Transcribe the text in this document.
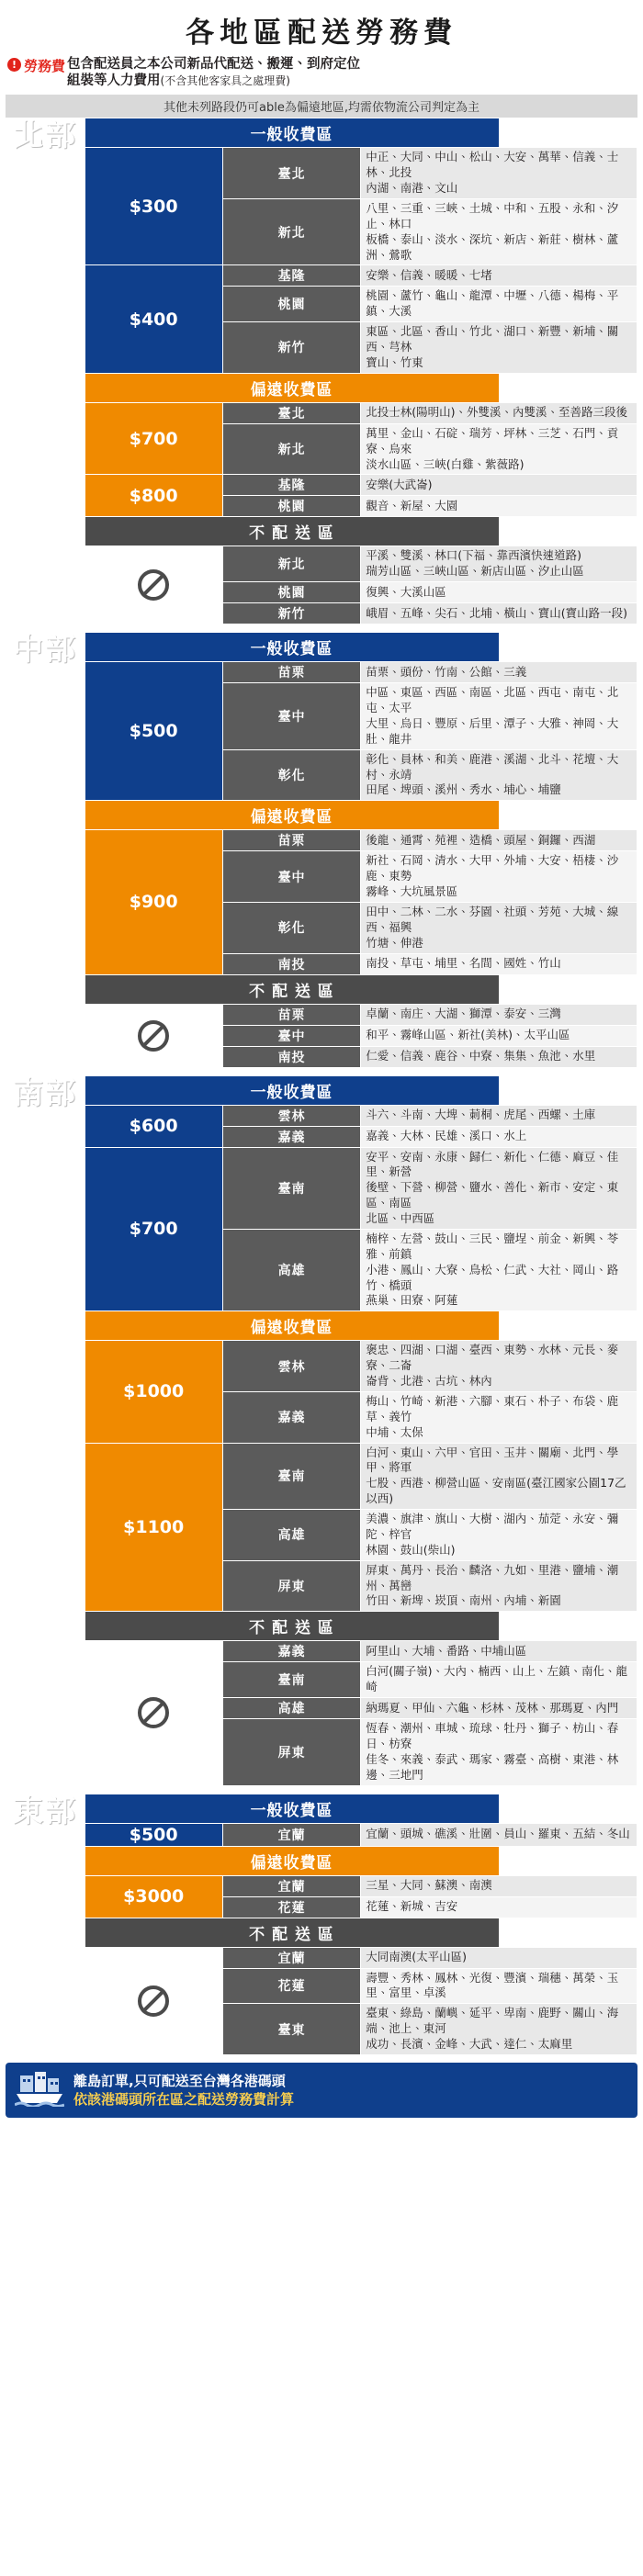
各地區配送勞務費
! 勞務費 包含配送員之本公司新品代配送、搬運、到府定位
組裝等人力費用(不含其他客家具之處理費)
其他未列路段仍可able為偏遠地區,均需依物流公司判定為主
北部
		一般收費區		
	$300	臺北	中正、大同、中山、松山、大安、萬華、信義、士林、北投
內湖、南港、文山

		新北	八里、三重、三峽、土城、中和、五股、永和、汐止、林口
板橋、泰山、淡水、深坑、新店、新莊、樹林、蘆洲、鶯歌

	$400	基隆	安樂、信義、暖暖、七堵

		桃園	桃園、蘆竹、龜山、龍潭、中壢、八德、楊梅、平鎮、大溪

		新竹	東區、北區、香山、竹北、湖口、新豐、新埔、關西、芎林
寶山、竹東

	偏遠收費區		
	$700	臺北	北投士林(陽明山)、外雙溪、內雙溪、至善路三段後

		新北	萬里、金山、石碇、瑞芳、坪林、三芝、石門、貢寮、烏來
淡水山區、三峽(白雞、紫薇路)

	$800	基隆	安樂(大武崙)

		桃園	觀音、新屋、大園

	不 配 送 區		

		新北	平溪、雙溪、林口(下福、靠西濱快速道路)
瑞芳山區、三峽山區、新店山區、汐止山區

		桃園	復興、大溪山區

		新竹	峨眉、五峰、尖石、北埔、橫山、寶山(寶山路一段)
中部
		一般收費區		
	$500	苗栗	苗栗、頭份、竹南、公館、三義

		臺中	中區、東區、西區、南區、北區、西屯、南屯、北屯、太平
大里、烏日、豐原、后里、潭子、大雅、神岡、大肚、龍井

		彰化	彰化、員林、和美、鹿港、溪湖、北斗、花壇、大村、永靖
田尾、埤頭、溪州、秀水、埔心、埔鹽

	偏遠收費區		
	$900	苗栗	後龍、通霄、苑裡、造橋、頭屋、銅鑼、西湖

		臺中	新社、石岡、清水、大甲、外埔、大安、梧棲、沙鹿、東勢
霧峰、大坑風景區

		彰化	田中、二林、二水、芬園、社頭、芳苑、大城、線西、福興
竹塘、伸港

		南投	南投、草屯、埔里、名間、國姓、竹山

	不 配 送 區		

		苗栗	卓蘭、南庄、大湖、獅潭、泰安、三灣

		臺中	和平、霧峰山區、新社(美林)、太平山區

		南投	仁愛、信義、鹿谷、中寮、集集、魚池、水里
南部
		一般收費區		
	$600	雲林	斗六、斗南、大埤、莿桐、虎尾、西螺、土庫

		嘉義	嘉義、大林、民雄、溪口、水上

	$700	臺南	安平、安南、永康、歸仁、新化、仁德、麻豆、佳里、新營
後壁、下營、柳營、鹽水、善化、新市、安定、東區、南區
北區、中西區

		高雄	楠梓、左營、鼓山、三民、鹽埕、前金、新興、苓雅、前鎮
小港、鳳山、大寮、鳥松、仁武、大社、岡山、路竹、橋頭
燕巢、田寮、阿蓮

	偏遠收費區		
	$1000	雲林	褒忠、四湖、口湖、臺西、東勢、水林、元長、麥寮、二崙
崙背、北港、古坑、林內

		嘉義	梅山、竹崎、新港、六腳、東石、朴子、布袋、鹿草、義竹
中埔、太保

	$1100	臺南	白河、東山、六甲、官田、玉井、關廟、北門、學甲、將軍
七股、西港、柳營山區、安南區(臺江國家公園17乙以西)

		高雄	美濃、旗津、旗山、大樹、湖內、茄萣、永安、彌陀、梓官
林園、鼓山(柴山)

		屏東	屏東、萬丹、長治、麟洛、九如、里港、鹽埔、潮州、萬巒
竹田、新埤、崁頂、南州、內埔、新園

	不 配 送 區		

		嘉義	阿里山、大埔、番路、中埔山區

		臺南	白河(關子嶺)、大內、楠西、山上、左鎮、南化、龍崎

		高雄	納瑪夏、甲仙、六龜、杉林、茂林、那瑪夏、內門

		屏東	恆春、潮州、車城、琉球、牡丹、獅子、枋山、春日、枋寮
佳冬、來義、泰武、瑪家、霧臺、高樹、東港、林邊、三地門
東部
		一般收費區		
	$500	宜蘭	宜蘭、頭城、礁溪、壯圍、員山、羅東、五結、冬山

	偏遠收費區		
	$3000	宜蘭	三星、大同、蘇澳、南澳

		花蓮	花蓮、新城、吉安

	不 配 送 區		

		宜蘭	大同南澳(太平山區)

		花蓮	壽豐、秀林、鳳林、光復、豐濱、瑞穗、萬榮、玉里、富里、卓溪

		臺東	臺東、綠島、蘭嶼、延平、卑南、鹿野、關山、海端、池上、東河
成功、長濱、金峰、大武、達仁、太麻里
離島訂單,只可配送至台灣各港碼頭
依該港碼頭所在區之配送勞務費計算
